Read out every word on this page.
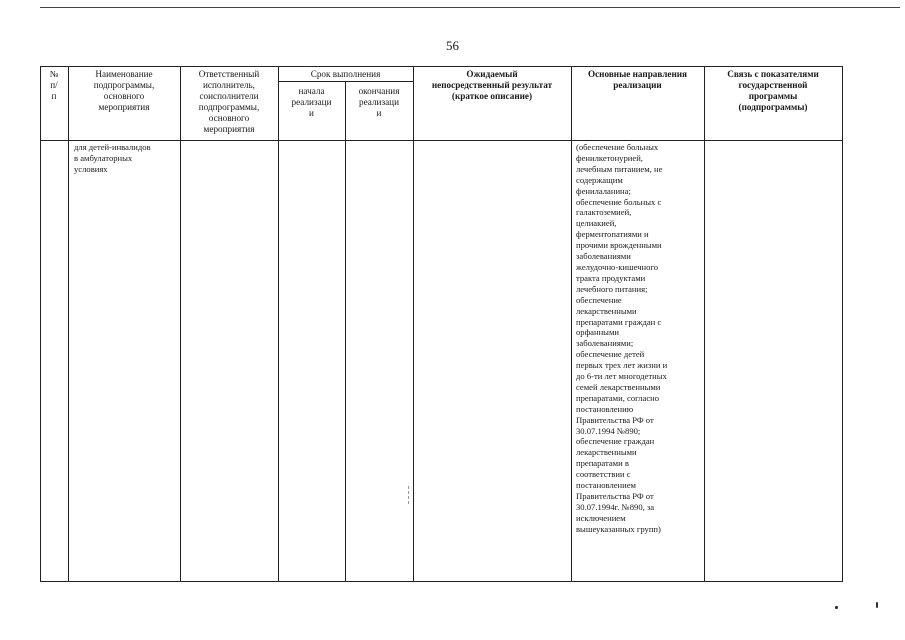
56
№
п/
п
Наименование
подпрограммы,
основного
мероприятия
Ответственный
исполнитель,
соисполнители
подпрограммы,
основного
мероприятия
Срок выполнения
начала
реализаци
и
окончания
реализаци
и
Ожидаемый
непосредственный результат
(краткое описание)
Основные направления
реализации
Связь с показателями
государственной
программы
(подпрограммы)
для детей-инвалидов
в амбулаторных
условиях
(обеспечение больных
фенилкетонурией,
лечебным питанием, не
содержащим
фенилаланина;
обеспечение больных с
галактоземией,
целиакией,
ферментопатиями и
прочими врожденными
заболеваниями
желудочно-кишечного
тракта продуктами
лечебного питания;
обеспечение
лекарственными
препаратами граждан с
орфанными
заболеваниями;
обеспечение детей
первых трех лет жизни и
до 6-ти лет многодетных
семей лекарственными
препаратами, согласно
постановлению
Правительства РФ от
30.07.1994 №890;
обеспечение граждан
лекарственными
препаратами в
соответствии с
постановлением
Правительства РФ от
30.07.1994г. №890, за
исключением
вышеуказанных групп)
